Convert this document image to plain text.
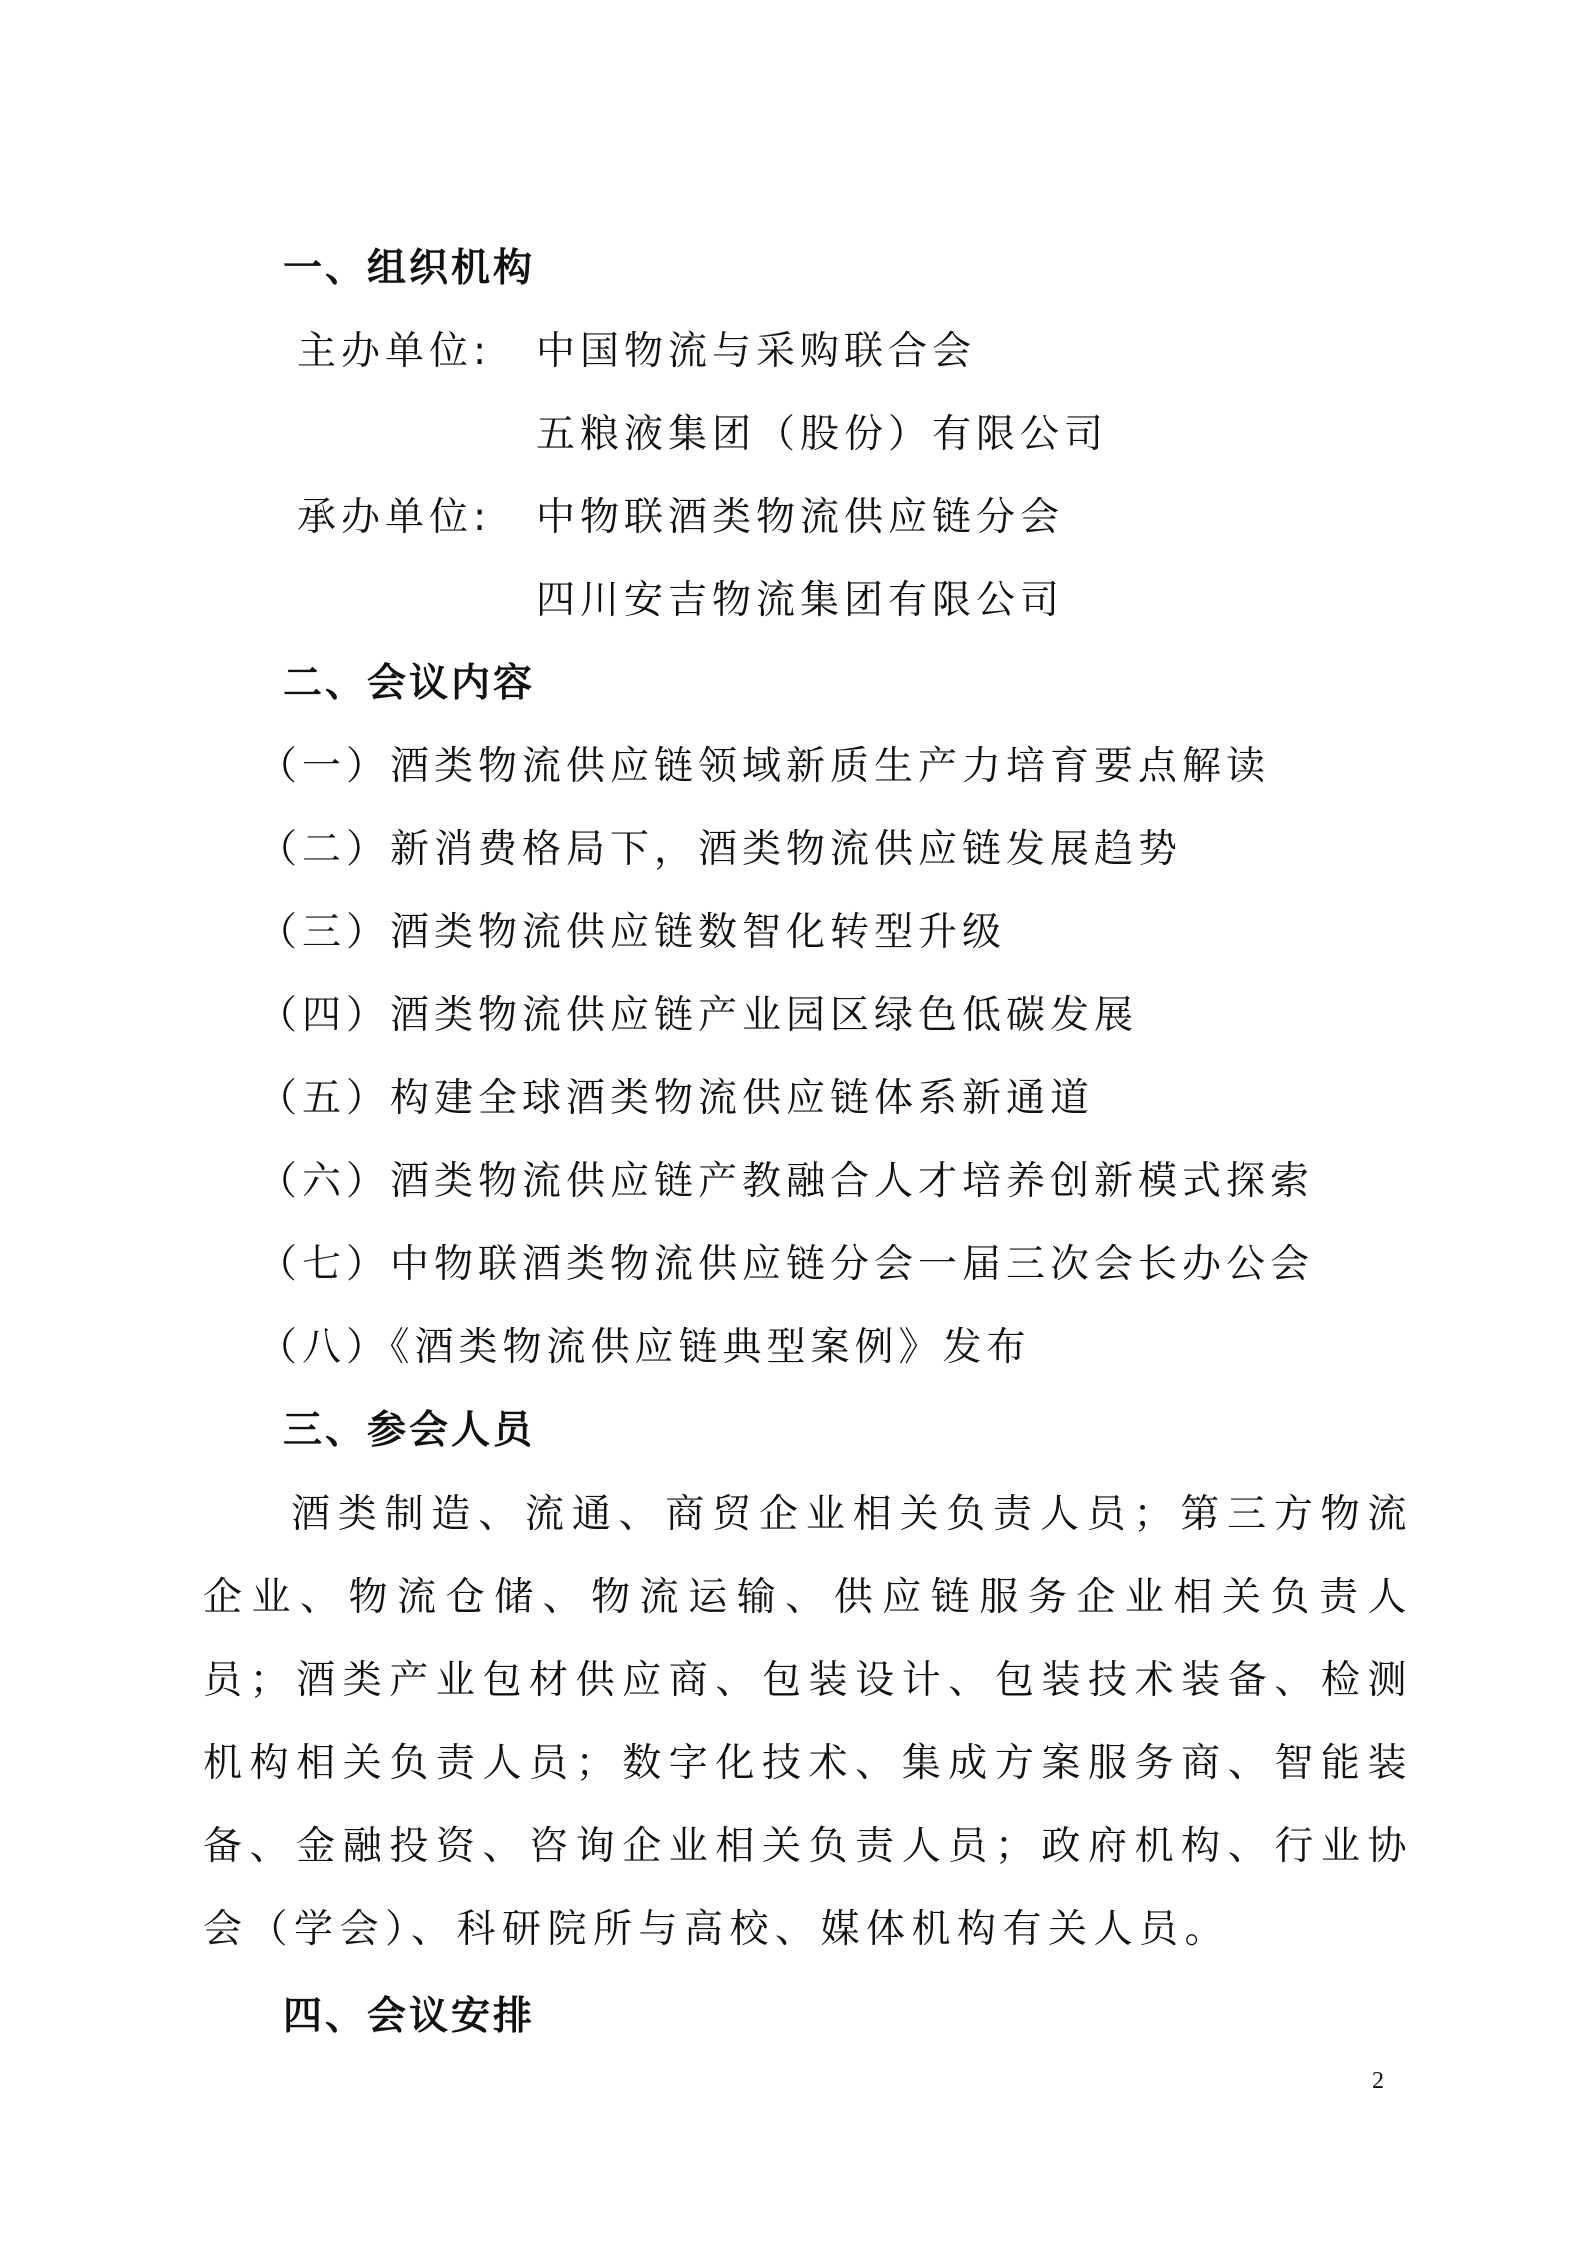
一、组织机构
主办单位: 中国物流与采购联合会
五粮液集团（股份）有限公司
承办单位: 中物联酒类物流供应链分会
四川安吉物流集团有限公司
二、会议内容
（一）酒类物流供应链领域新质生产力培育要点解读
（二）新消费格局下，酒类物流供应链发展趋势
（三）酒类物流供应链数智化转型升级
（四）酒类物流供应链产业园区绿色低碳发展
（五）构建全球酒类物流供应链体系新通道
（六）酒类物流供应链产教融合人才培养创新模式探索
（七）中物联酒类物流供应链分会一届三次会长办公会
（八）《酒类物流供应链典型案例》发布
三、参会人员
酒类制造、流通、商贸企业相关负责人员；第三方物流企业、物流仓储、物流运输、供应链服务企业相关负责人员；酒类产业包材供应商、包装设计、包装技术装备、检测机构相关负责人员；数字化技术、集成方案服务商、智能装备、金融投资、咨询企业相关负责人员；政府机构、行业协会（学会）、科研院所与高校、媒体机构有关人员。
四、会议安排
2
